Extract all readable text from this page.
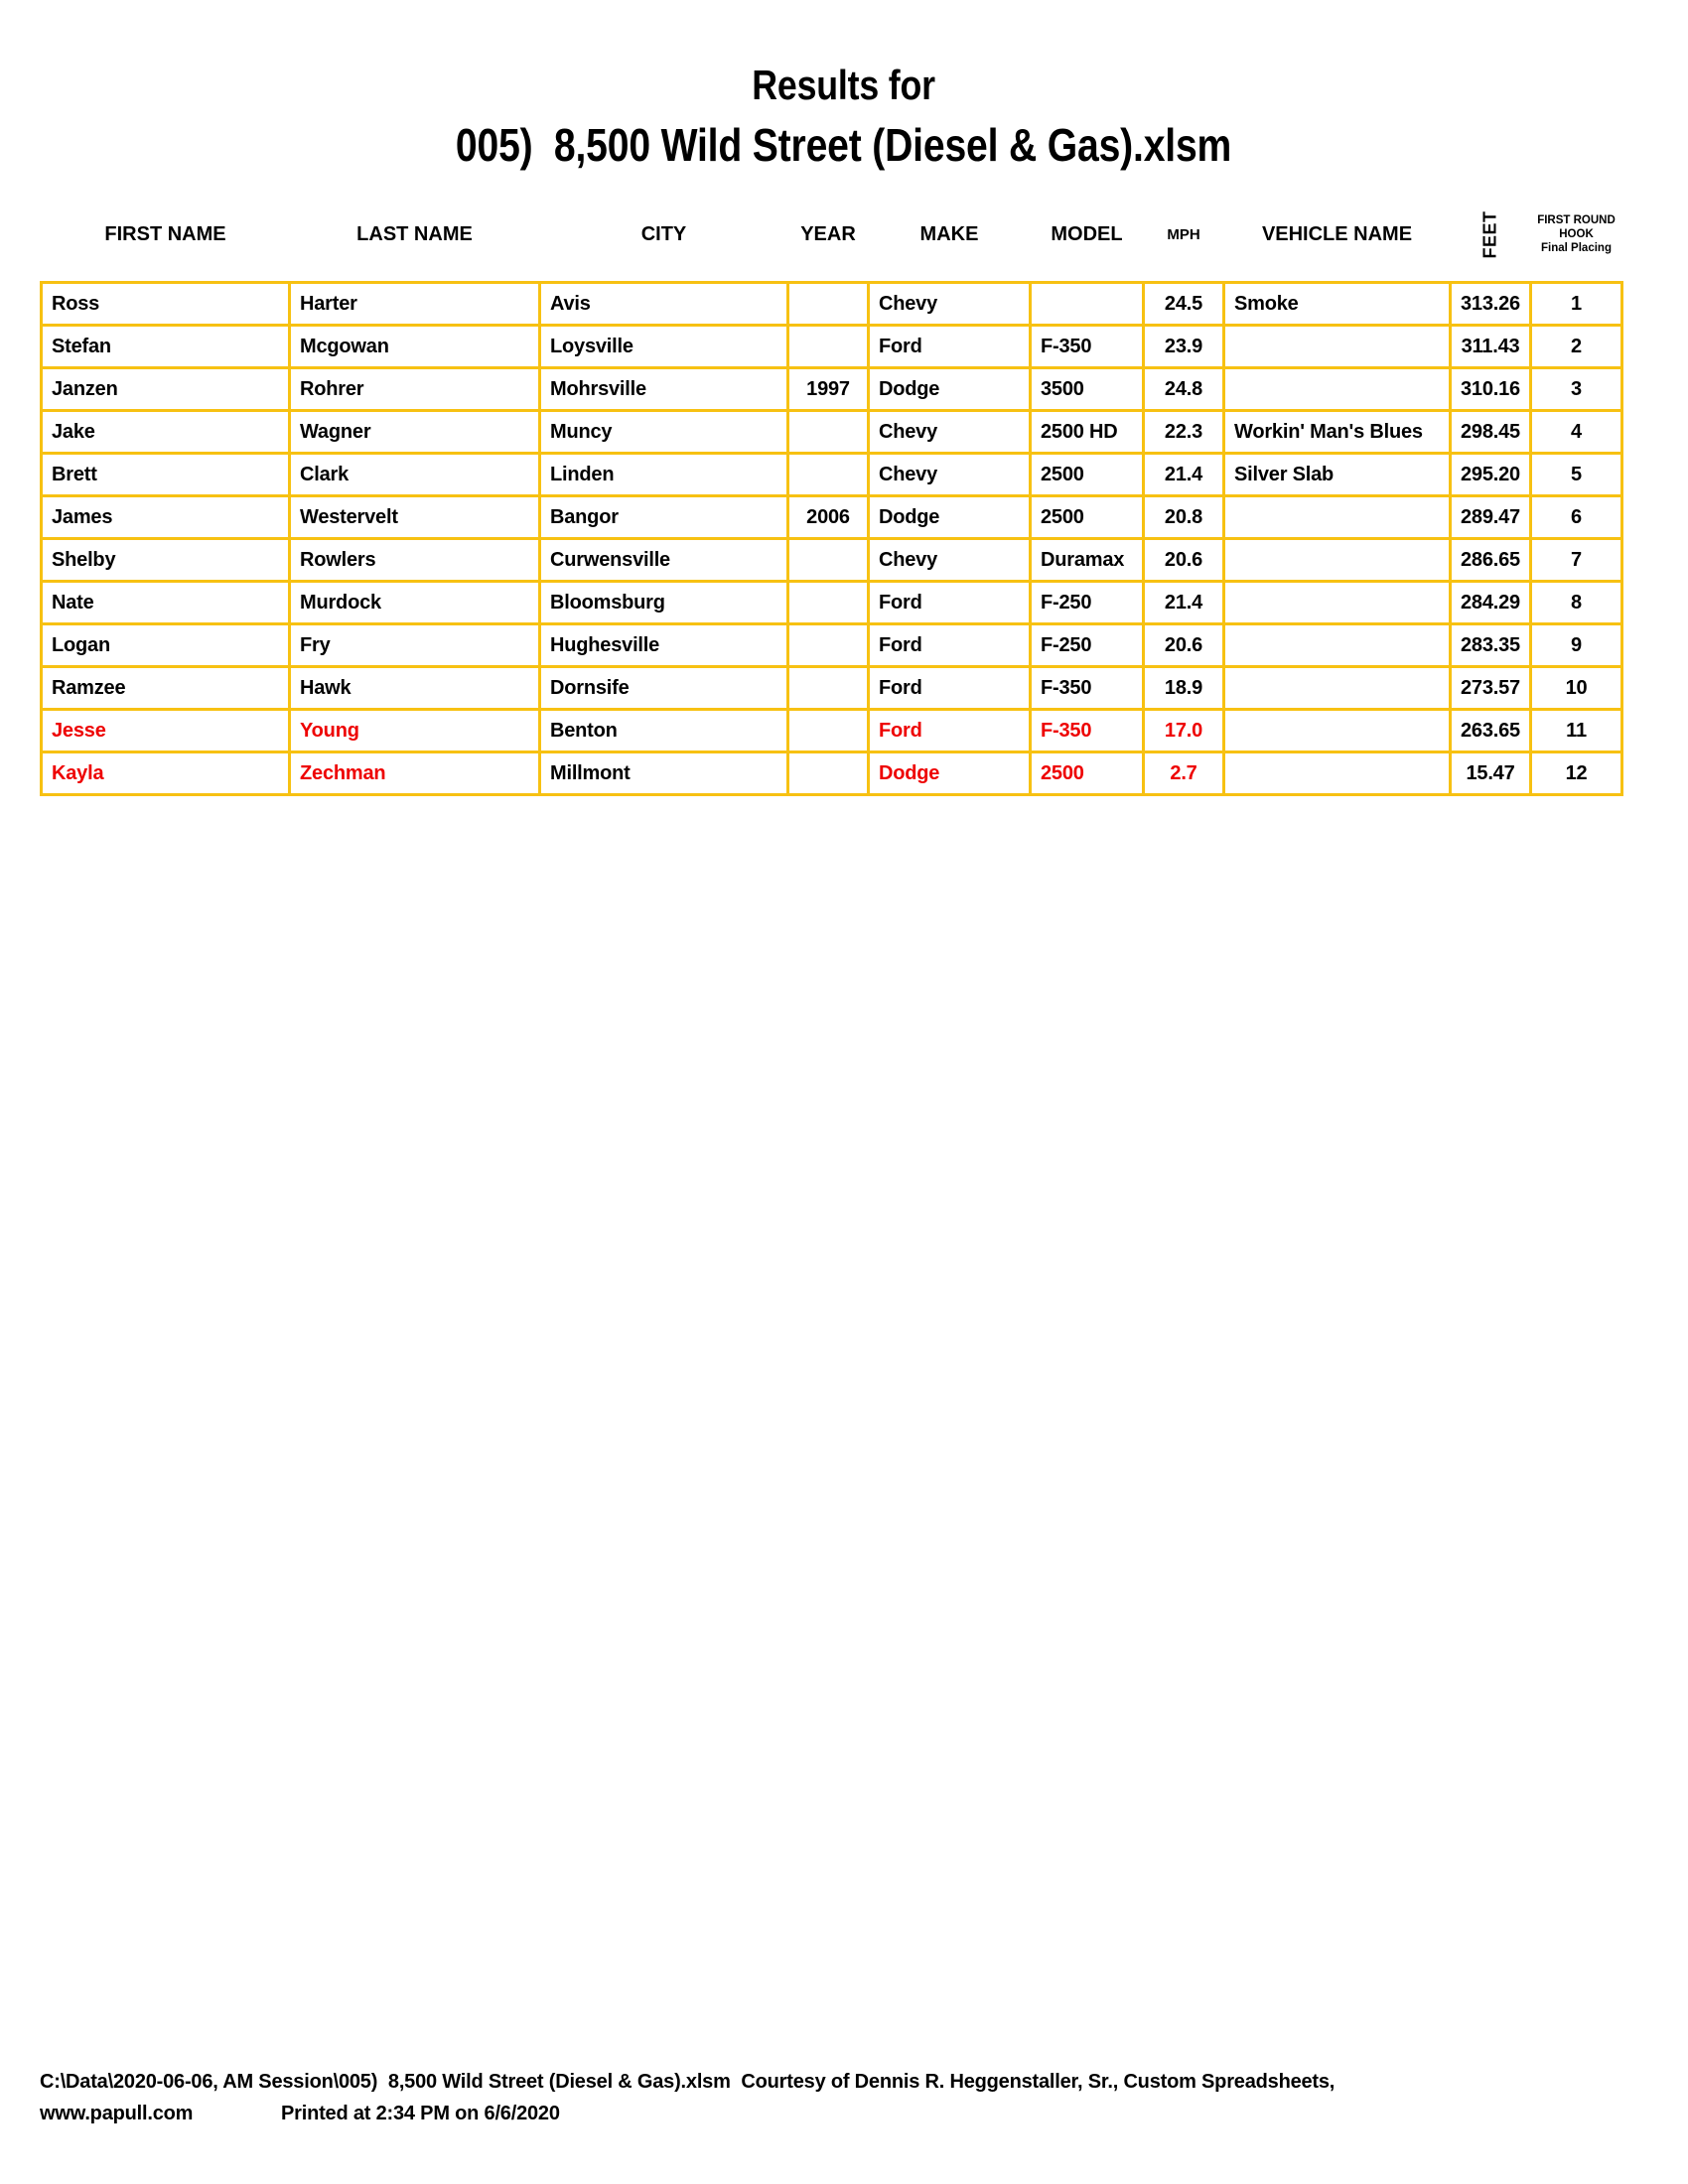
Results for
005)  8,500 Wild Street (Diesel & Gas).xlsm
FIRST NAME	LAST NAME	CITY	YEAR	MAKE	MODEL	MPH	VEHICLE NAME	FEET	FIRST ROUND
HOOK
Final Placing

Ross	Harter	Avis		Chevy		24.5	Smoke	313.26	1
Stefan	Mcgowan	Loysville		Ford	F-350	23.9		311.43	2
Janzen	Rohrer	Mohrsville	1997	Dodge	3500	24.8		310.16	3
Jake	Wagner	Muncy		Chevy	2500 HD	22.3	Workin' Man's Blues	298.45	4
Brett	Clark	Linden		Chevy	2500	21.4	Silver Slab	295.20	5
James	Westervelt	Bangor	2006	Dodge	2500	20.8		289.47	6
Shelby	Rowlers	Curwensville		Chevy	Duramax	20.6		286.65	7
Nate	Murdock	Bloomsburg		Ford	F-250	21.4		284.29	8
Logan	Fry	Hughesville		Ford	F-250	20.6		283.35	9
Ramzee	Hawk	Dornsife		Ford	F-350	18.9		273.57	10
Jesse	Young	Benton		Ford	F-350	17.0		263.65	11
Kayla	Zechman	Millmont		Dodge	2500	2.7		15.47	12
C:\Data\2020-06-06, AM Session\005)  8,500 Wild Street (Diesel & Gas).xlsm  Courtesy of Dennis R. Heggenstaller, Sr., Custom Spreadsheets,
www.papull.com	Printed at 2:34 PM on 6/6/2020
